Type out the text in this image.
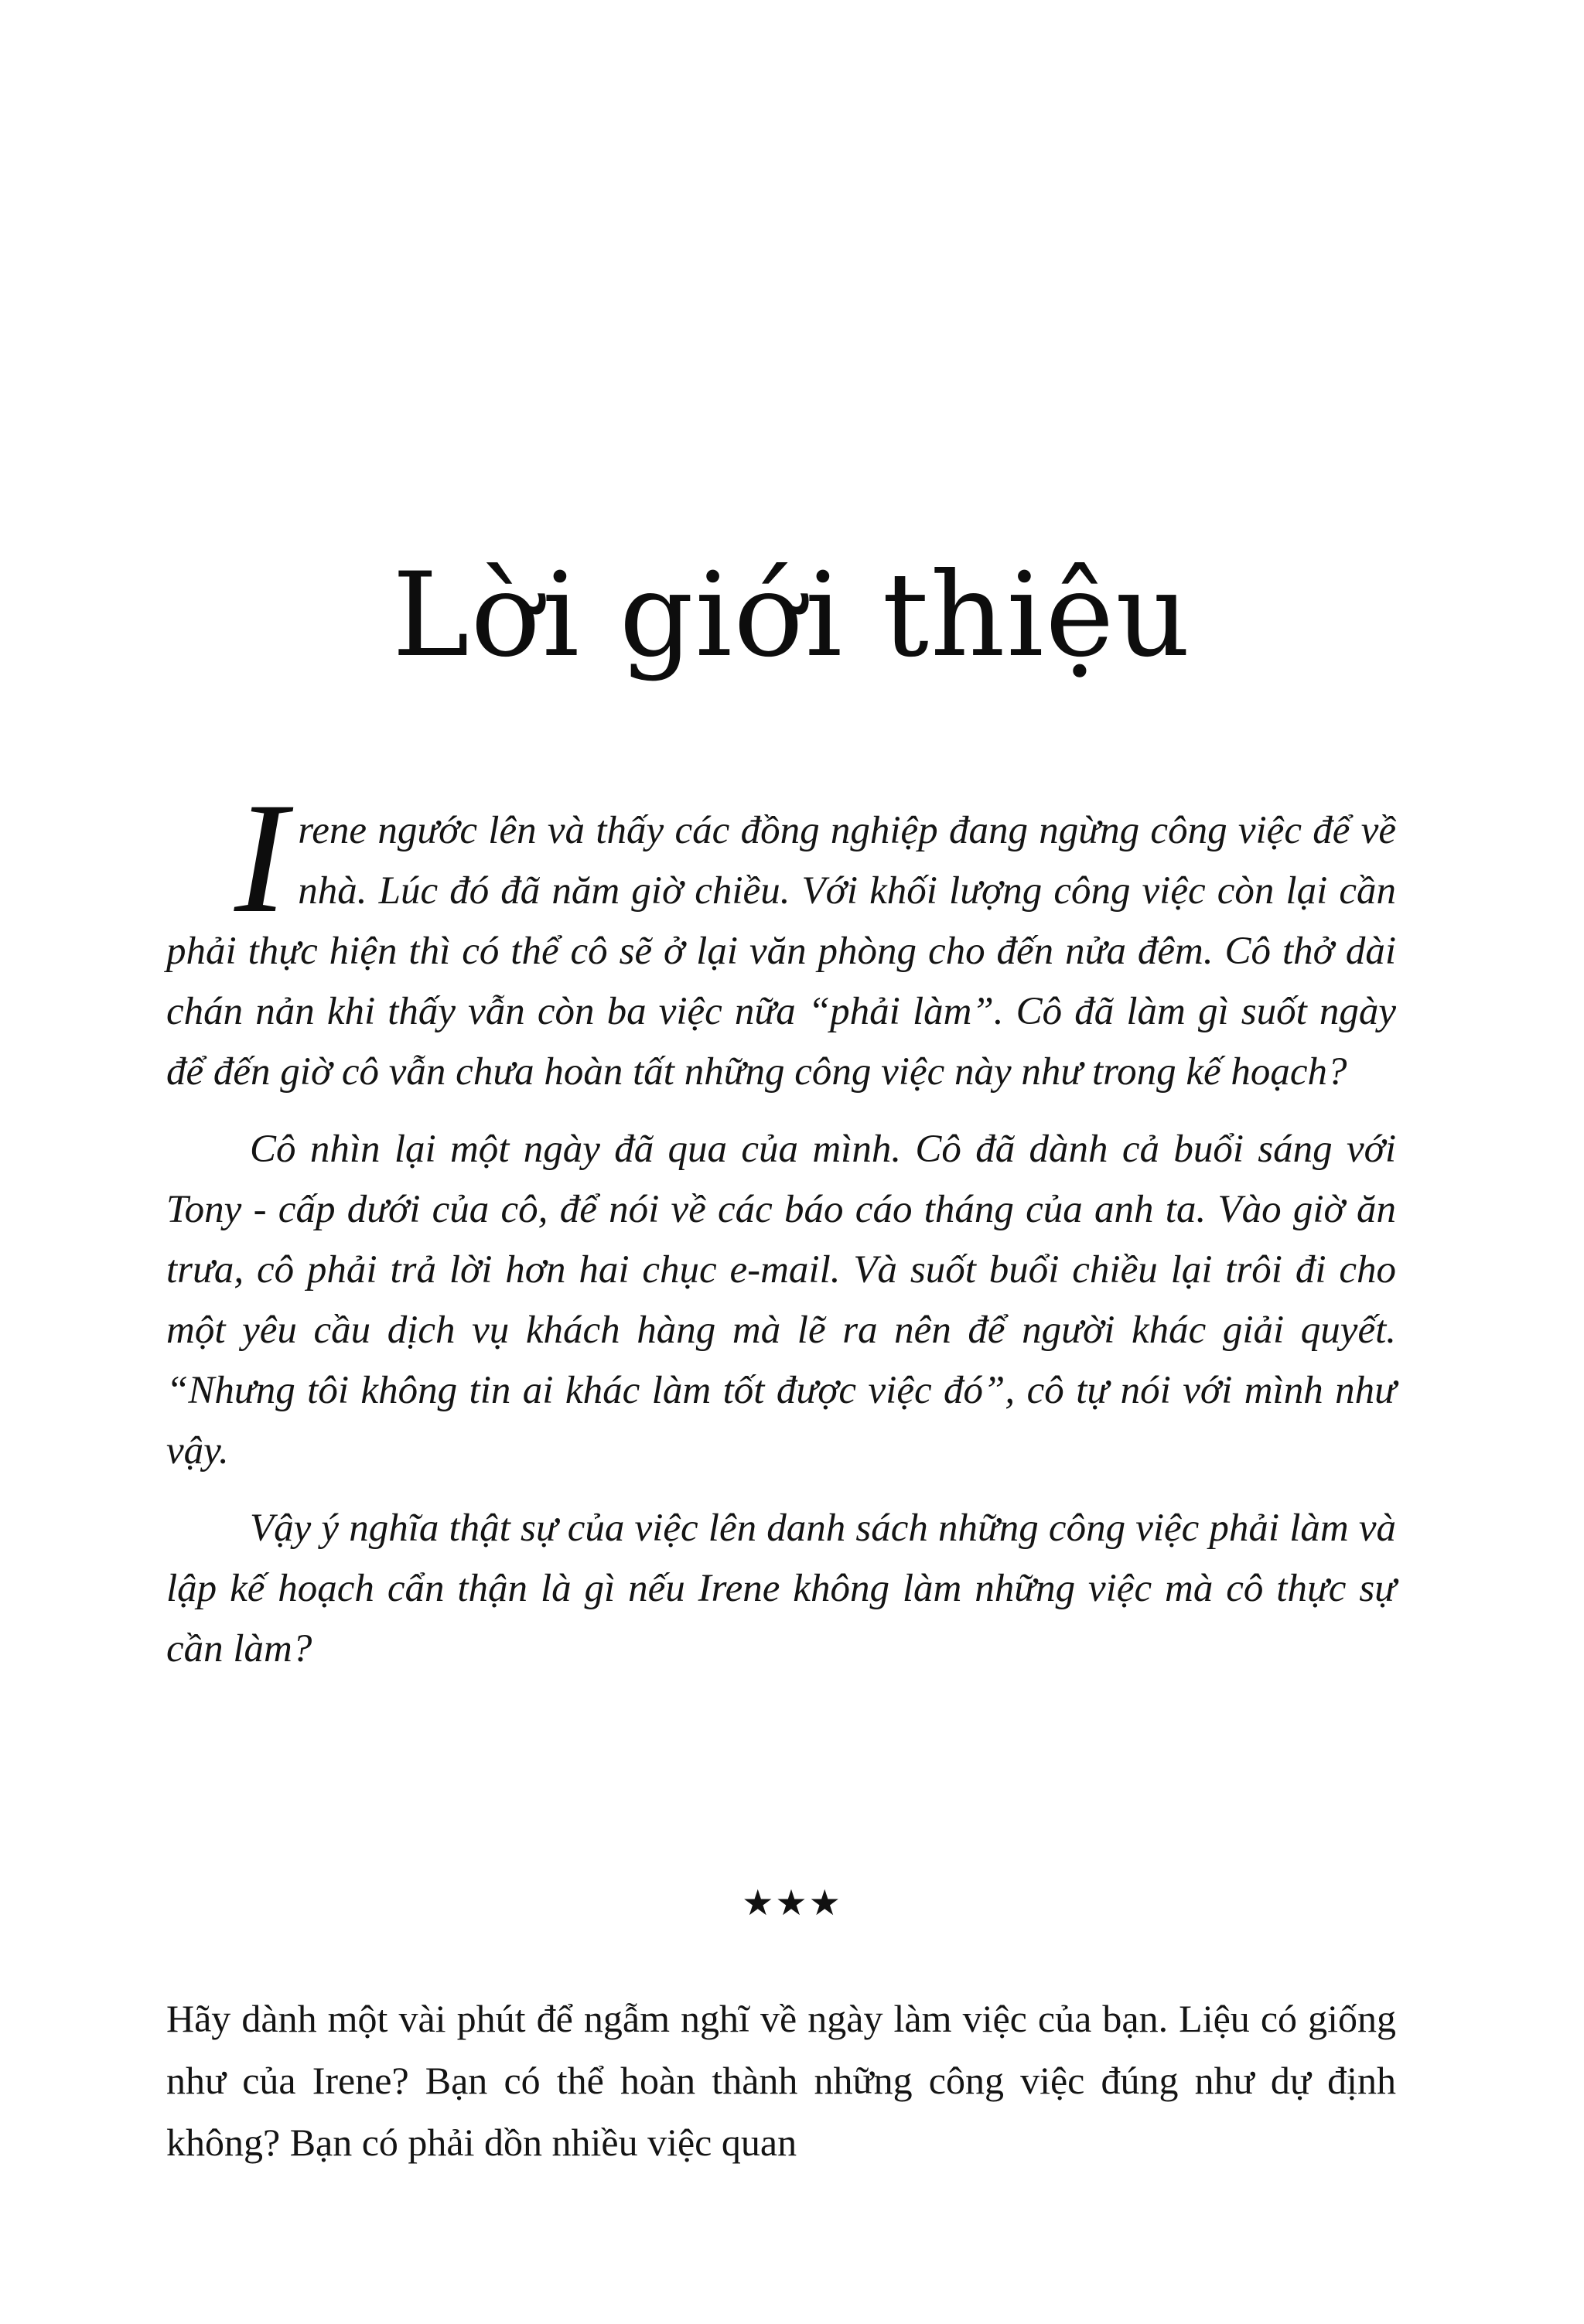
Lời giới thiệu

Irene ngước lên và thấy các đồng nghiệp đang ngừng công việc để về nhà. Lúc đó đã năm giờ chiều. Với khối lượng công việc còn lại cần phải thực hiện thì có thể cô sẽ ở lại văn phòng cho đến nửa đêm. Cô thở dài chán nản khi thấy vẫn còn ba việc nữa “phải làm”. Cô đã làm gì suốt ngày để đến giờ cô vẫn chưa hoàn tất những công việc này như trong kế hoạch?

Cô nhìn lại một ngày đã qua của mình. Cô đã dành cả buổi sáng với Tony - cấp dưới của cô, để nói về các báo cáo tháng của anh ta. Vào giờ ăn trưa, cô phải trả lời hơn hai chục e-mail. Và suốt buổi chiều lại trôi đi cho một yêu cầu dịch vụ khách hàng mà lẽ ra nên để người khác giải quyết. “Nhưng tôi không tin ai khác làm tốt được việc đó”, cô tự nói với mình như vậy.

Vậy ý nghĩa thật sự của việc lên danh sách những công việc phải làm và lập kế hoạch cẩn thận là gì nếu Irene không làm những việc mà cô thực sự cần làm?

★★★

Hãy dành một vài phút để ngẫm nghĩ về ngày làm việc của bạn. Liệu có giống như của Irene? Bạn có thể hoàn thành những công việc đúng như dự định không? Bạn có phải dồn nhiều việc quan
